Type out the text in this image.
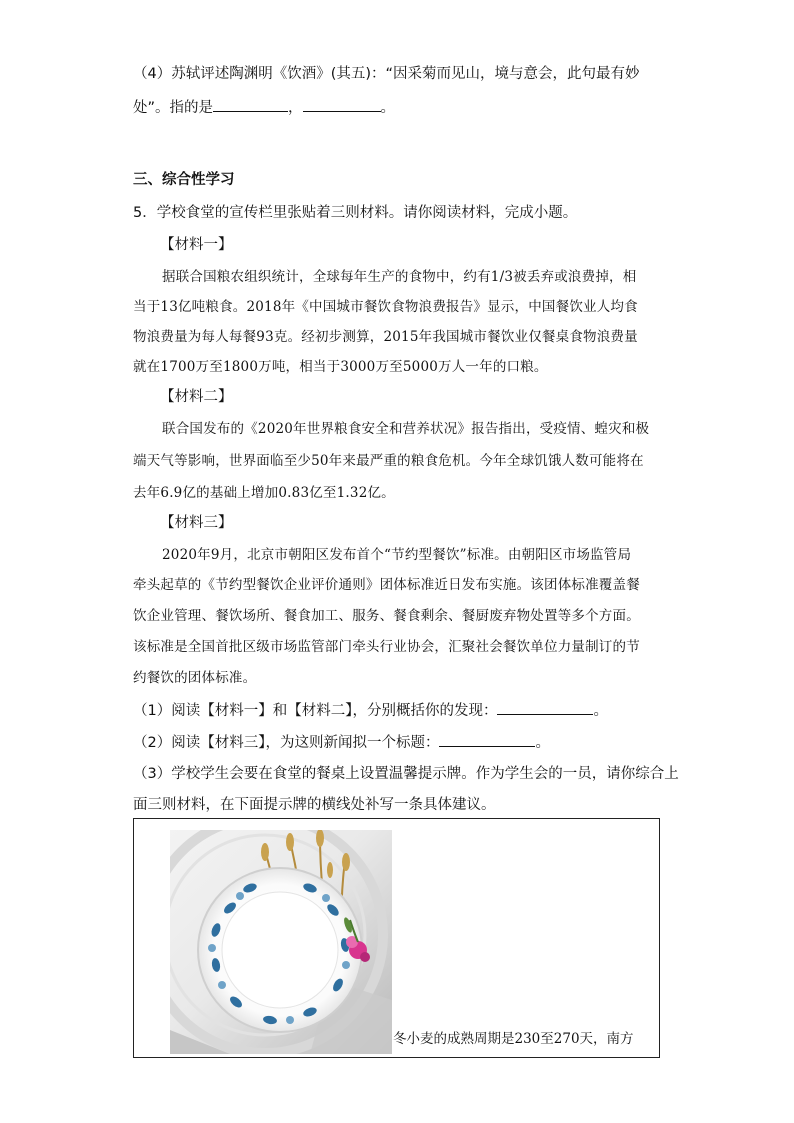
（4）苏轼评述陶渊明《饮酒》(其五)：“因采菊而见山，境与意会，此句最有妙
处”。指的是	，	。
三、综合性学习
5．学校食堂的宣传栏里张贴着三则材料。请你阅读材料，完成小题。
【材料一】
据联合国粮农组织统计，全球每年生产的食物中，约有1/3被丢弃或浪费掉，相
当于13亿吨粮食。2018年《中国城市餐饮食物浪费报告》显示，中国餐饮业人均食
物浪费量为每人每餐93克。经初步测算，2015年我国城市餐饮业仅餐桌食物浪费量
就在1700万至1800万吨，相当于3000万至5000万人一年的口粮。
【材料二】
联合国发布的《2020年世界粮食安全和营养状况》报告指出，受疫情、蝗灾和极
端天气等影响，世界面临至少50年来最严重的粮食危机。今年全球饥饿人数可能将在
去年6.9亿的基础上增加0.83亿至1.32亿。
【材料三】
2020年9月，北京市朝阳区发布首个“节约型餐饮”标准。由朝阳区市场监管局
牵头起草的《节约型餐饮企业评价通则》团体标准近日发布实施。该团体标准覆盖餐
饮企业管理、餐饮场所、餐食加工、服务、餐食剩余、餐厨废弃物处置等多个方面。
该标准是全国首批区级市场监管部门牵头行业协会，汇聚社会餐饮单位力量制订的节
约餐饮的团体标准。
（1）阅读【材料一】和【材料二】，分别概括你的发现：	。
（2）阅读【材料三】，为这则新闻拟一个标题：	。
（3）学校学生会要在食堂的餐桌上设置温馨提示牌。作为学生会的一员，请你综合上
面三则材料，在下面提示牌的横线处补写一条具体建议。
冬小麦的成熟周期是230至270天，南方
